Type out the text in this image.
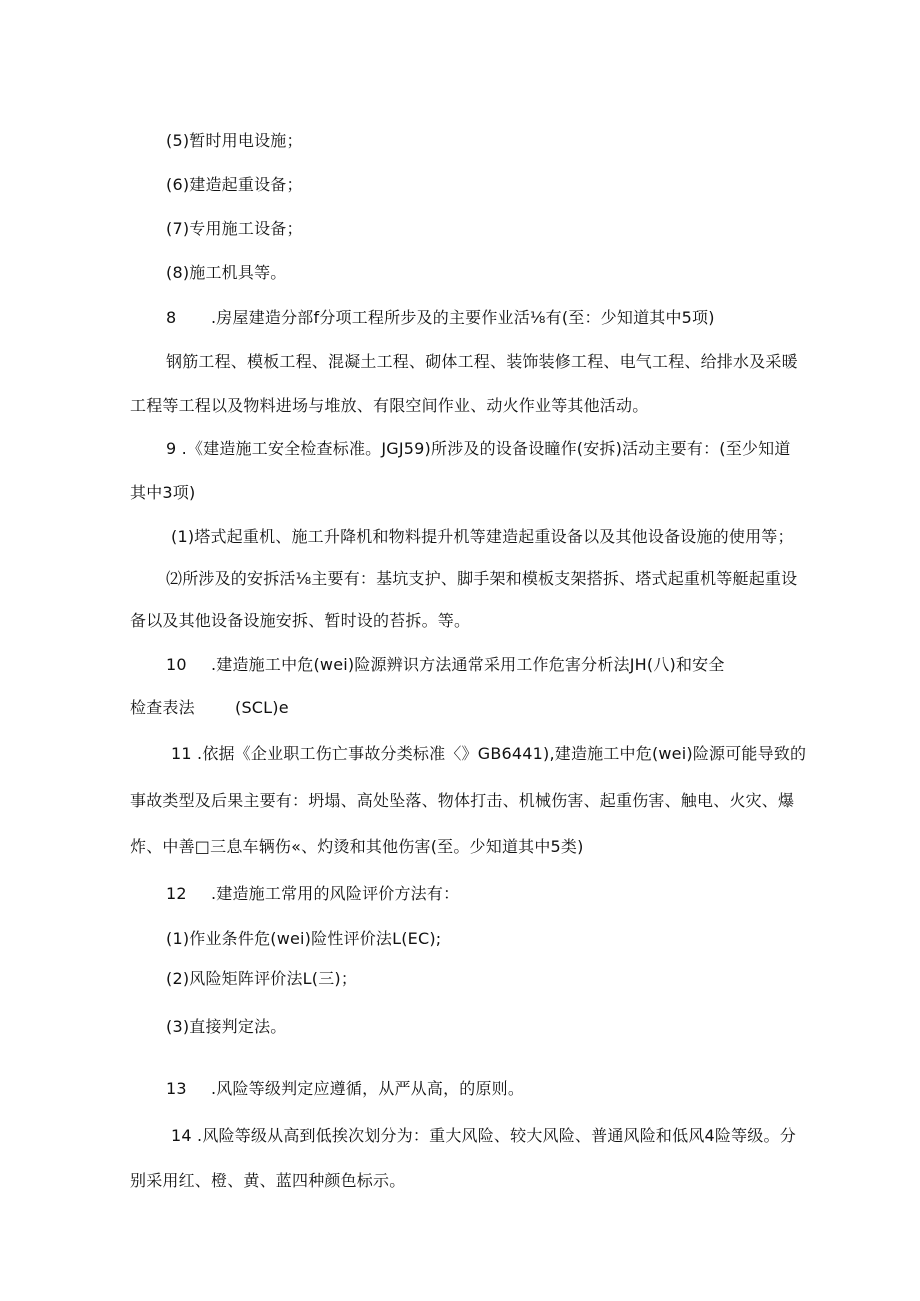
(5)暂时用电设施；
(6)建造起重设备；
(7)专用施工设备；
(8)施工机具等。
8 .房屋建造分部f分项工程所步及的主要作业活⅛有(至：少知道其中5项)
钢筋工程、模板工程、混凝土工程、砌体工程、装饰装修工程、电气工程、给排水及采暖
工程等工程以及物料进场与堆放、有限空间作业、动火作业等其他活动。
9 .《建造施工安全检查标准。JGJ59)所涉及的设备设瞳作(安拆)活动主要有：(至少知道
其中3项)
(1)塔式起重机、施工升降机和物料提升机等建造起重设备以及其他设备设施的使用等；
⑵所涉及的安拆活⅛主要有：基坑支护、脚手架和模板支架搭拆、塔式起重机等艇起重设
备以及其他设备设施安拆、暂时设的苔拆。等。
10 .建造施工中危(wei)险源辨识方法通常采用工作危害分析法JH(八)和安全
检查表法	(SCL)e
11 .依据《企业职工伤亡事故分类标准〈》GB6441),建造施工中危(wei)险源可能导致的
事故类型及后果主要有：坍塌、高处坠落、物体打击、机械伤害、起重伤害、触电、火灾、爆
炸、中善□三息车辆伤«、灼烫和其他伤害(至。少知道其中5类)
12 .建造施工常用的风险评价方法有：
(1)作业条件危(wei)险性评价法L(EC);
(2)风险矩阵评价法L(三)；
(3)直接判定法。
13 .风险等级判定应遵循，从严从高，的原则。
14 .风险等级从高到低挨次划分为：重大风险、较大风险、普通风险和低风4险等级。分
别采用红、橙、黄、蓝四种颜色标示。
